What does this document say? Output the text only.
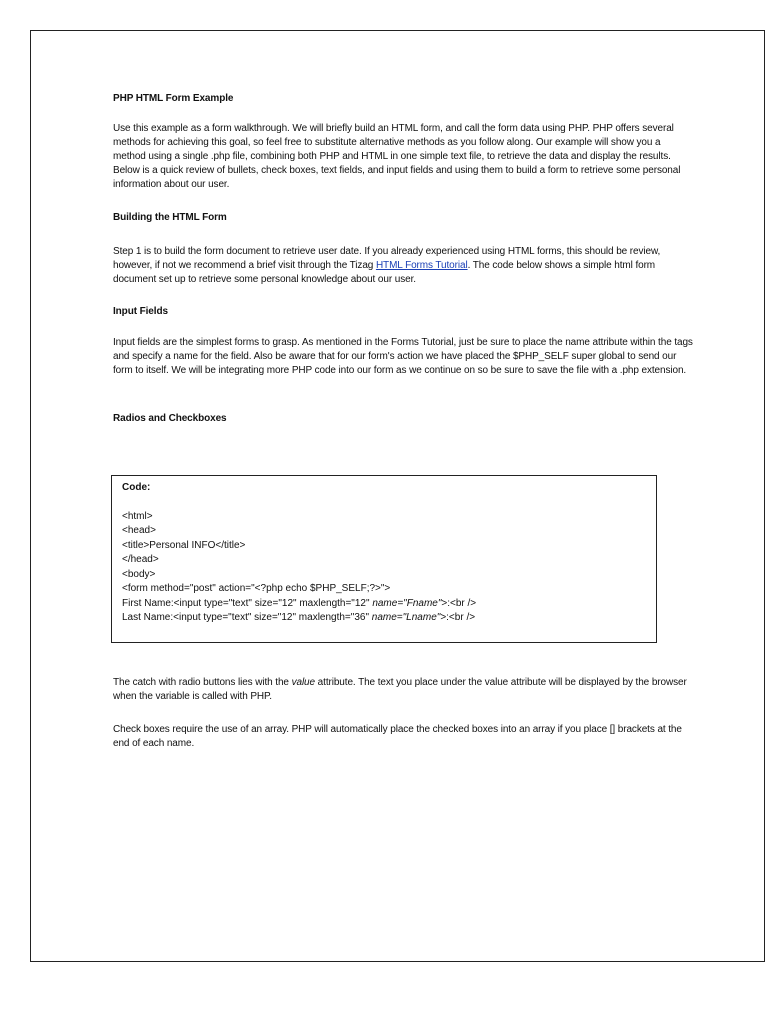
PHP HTML Form Example

Use this example as a form walkthrough. We will briefly build an HTML form, and call the form data using PHP. PHP offers several methods for achieving this goal, so feel free to substitute alternative methods as you follow along. Our example will show you a method using a single .php file, combining both PHP and HTML in one simple text file, to retrieve the data and display the results. Below is a quick review of bullets, check boxes, text fields, and input fields and using them to build a form to retrieve some personal information about our user.

Building the HTML Form

Step 1 is to build the form document to retrieve user date. If you already experienced using HTML forms, this should be review, however, if not we recommend a brief visit through the Tizag HTML Forms Tutorial. The code below shows a simple html form document set up to retrieve some personal knowledge about our user.

Input Fields

Input fields are the simplest forms to grasp. As mentioned in the Forms Tutorial, just be sure to place the name attribute within the tags and specify a name for the field. Also be aware that for our form's action we have placed the $PHP_SELF super global to send our form to itself. We will be integrating more PHP code into our form as we continue on so be sure to save the file with a .php extension.

Radios and Checkboxes

The catch with radio buttons lies with the value attribute. The text you place under the value attribute will be displayed by the browser when the variable is called with PHP.

Check boxes require the use of an array. PHP will automatically place the checked boxes into an array if you place [] brackets at the end of each name.

Code:
<html>
<head>
<title>Personal INFO</title>
</head>
<body>
<form method="post" action="<?php echo $PHP_SELF;?>">
First Name:<input type="text" size="12" maxlength="12" name="Fname">:<br />
Last Name:<input type="text" size="12" maxlength="36" name="Lname">:<br />
